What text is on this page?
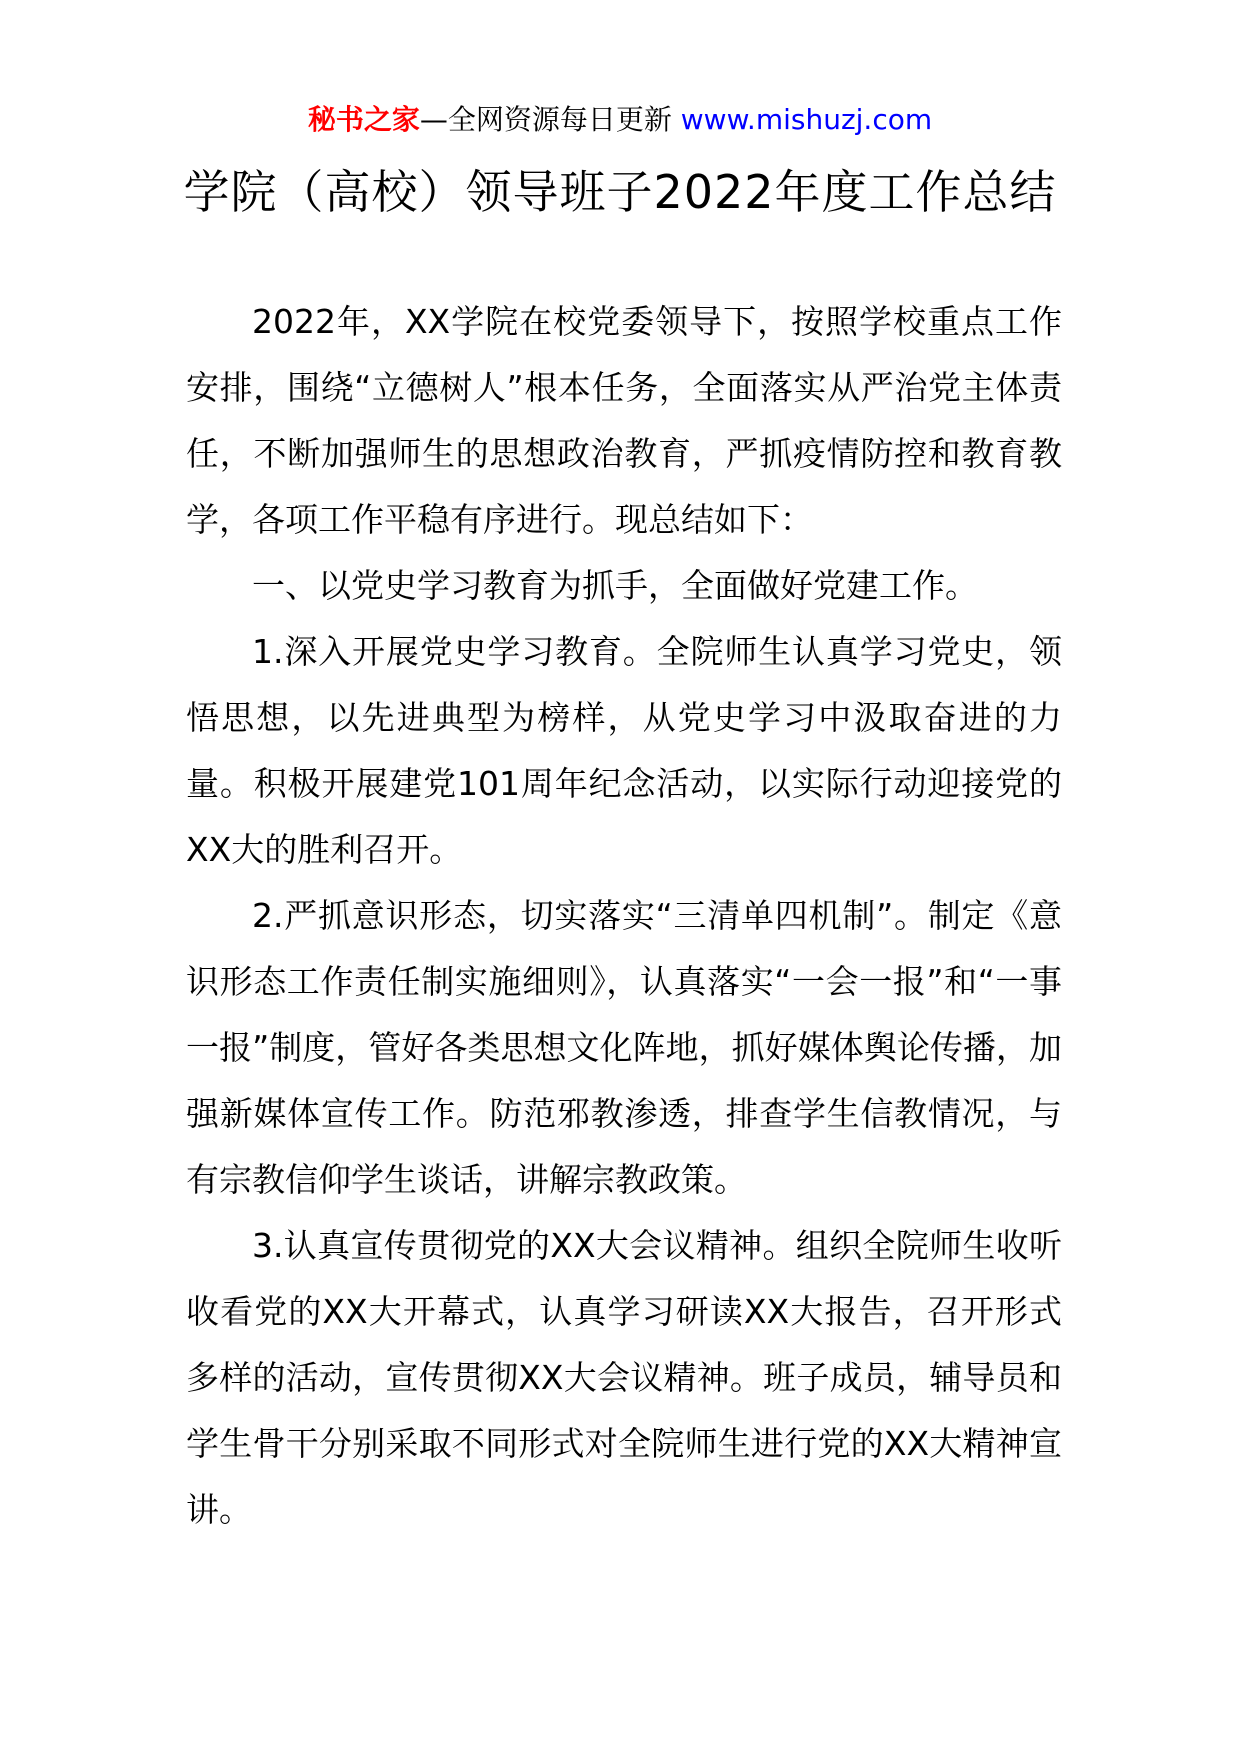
秘书之家—全网资源每日更新 www.mishuzj.com
学院（高校）领导班子2022年度工作总结

2022年，XX学院在校党委领导下，按照学校重点工作安排，围绕“立德树人”根本任务，全面落实从严治党主体责任，不断加强师生的思想政治教育，严抓疫情防控和教育教学，各项工作平稳有序进行。现总结如下：

一、以党史学习教育为抓手，全面做好党建工作。

1.深入开展党史学习教育。全院师生认真学习党史，领悟思想，以先进典型为榜样，从党史学习中汲取奋进的力量。积极开展建党101周年纪念活动，以实际行动迎接党的XX大的胜利召开。

2.严抓意识形态，切实落实“三清单四机制”。制定《意识形态工作责任制实施细则》，认真落实“一会一报”和“一事一报”制度，管好各类思想文化阵地，抓好媒体舆论传播，加强新媒体宣传工作。防范邪教渗透，排查学生信教情况，与有宗教信仰学生谈话，讲解宗教政策。

3.认真宣传贯彻党的XX大会议精神。组织全院师生收听收看党的XX大开幕式，认真学习研读XX大报告，召开形式多样的活动，宣传贯彻XX大会议精神。班子成员，辅导员和学生骨干分别采取不同形式对全院师生进行党的XX大精神宣讲。
